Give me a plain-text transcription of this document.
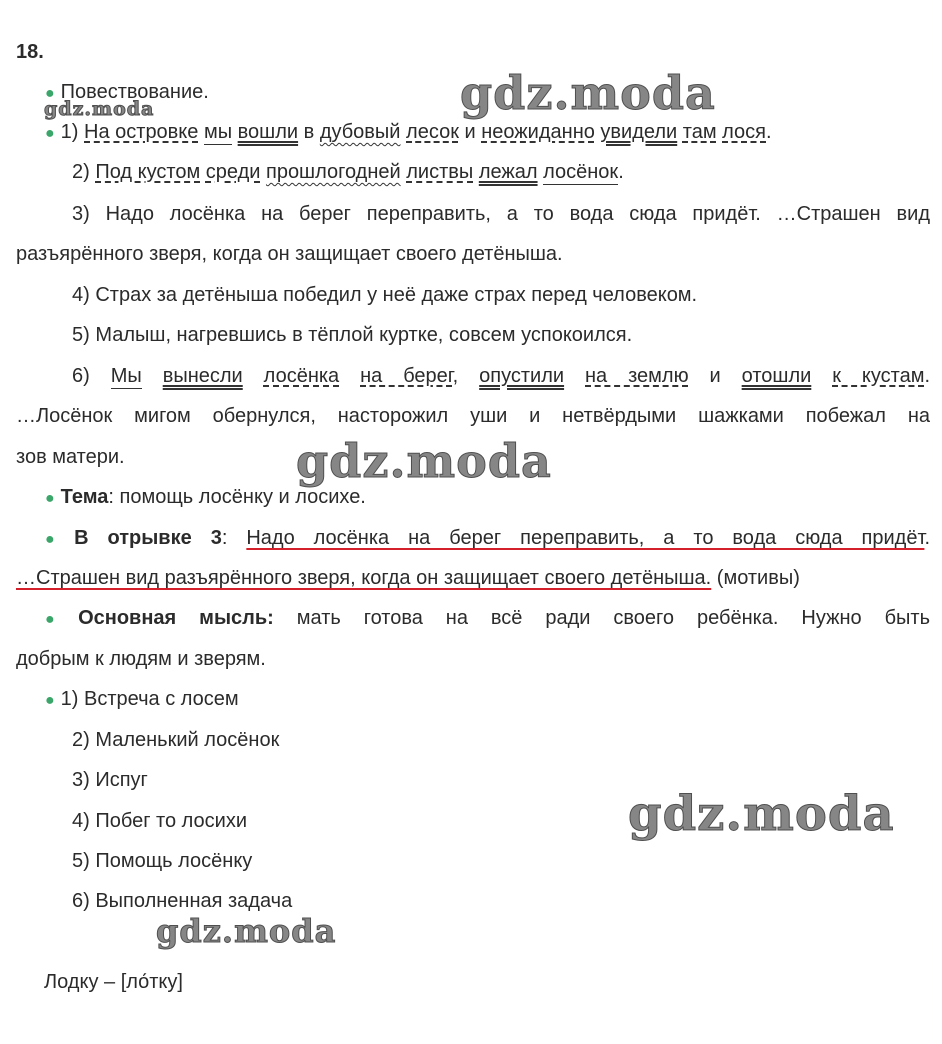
18.
● Повествование.
● 1) На островке мы вошли в дубовый лесок и неожиданно увидели там лося.
2) Под кустом среди прошлогодней листвы лежал лосёнок.
3) Надо лосёнка на берег переправить, а то вода сюда придёт. …Страшен вид
разъярённого зверя, когда он защищает своего детёныша.
4) Страх за детёныша победил у неё даже страх перед человеком.
5) Малыш, нагревшись в тёплой куртке, совсем успокоился.
6) Мы вынесли лосёнка на берег, опустили на землю и отошли к кустам.
…Лосёнок мигом обернулся, насторожил уши и нетвёрдыми шажками побежал на
зов матери.
● Тема: помощь лосёнку и лосихе.
● В отрывке 3: Надо лосёнка на берег переправить, а то вода сюда придёт.
…Страшен вид разъярённого зверя, когда он защищает своего детёныша. (мотивы)
● Основная мысль: мать готова на всё ради своего ребёнка. Нужно быть
добрым к людям и зверям.
● 1) Встреча с лосем
2) Маленький лосёнок
3) Испуг
4) Побег то лосихи
5) Помощь лосёнку
6) Выполненная задача
Лодку – [ло́тку]
gdz.moda	gdz.moda
gdz.moda
gdz.moda
gdz.moda
